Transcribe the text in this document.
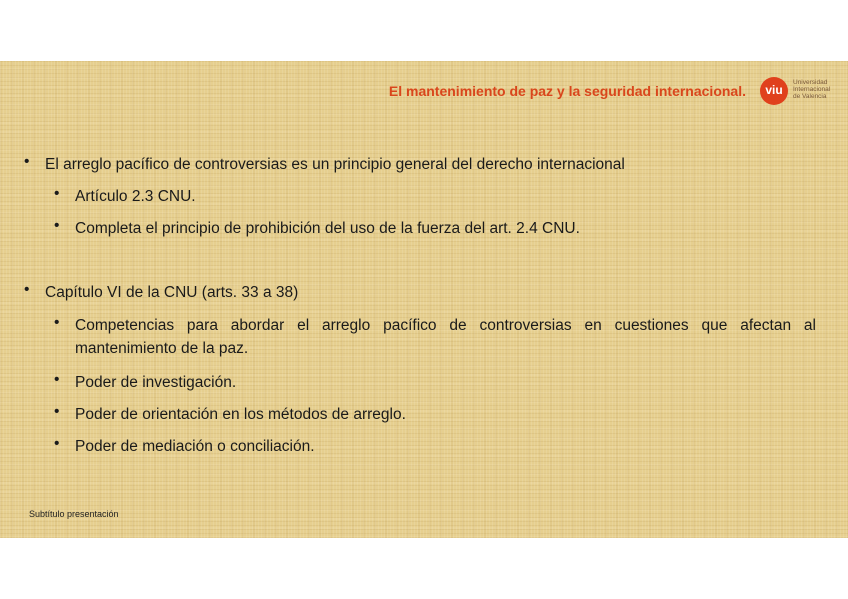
El mantenimiento de paz y la seguridad internacional.	viu
Universidad Internacional de Valencia
•	El arreglo pacífico de controversias es un principio general del derecho internacional
•	Artículo 2.3 CNU.
•	Completa el principio de prohibición del uso de la fuerza del art. 2.4 CNU.
•	Capítulo VI de la CNU (arts. 33 a 38)
•	Competencias para abordar el arreglo pacífico de controversias en cuestiones que afectan al mantenimiento de la paz.
•	Poder de investigación.
•	Poder de orientación en los métodos de arreglo.
•	Poder de mediación o conciliación.
Subtítulo presentación
